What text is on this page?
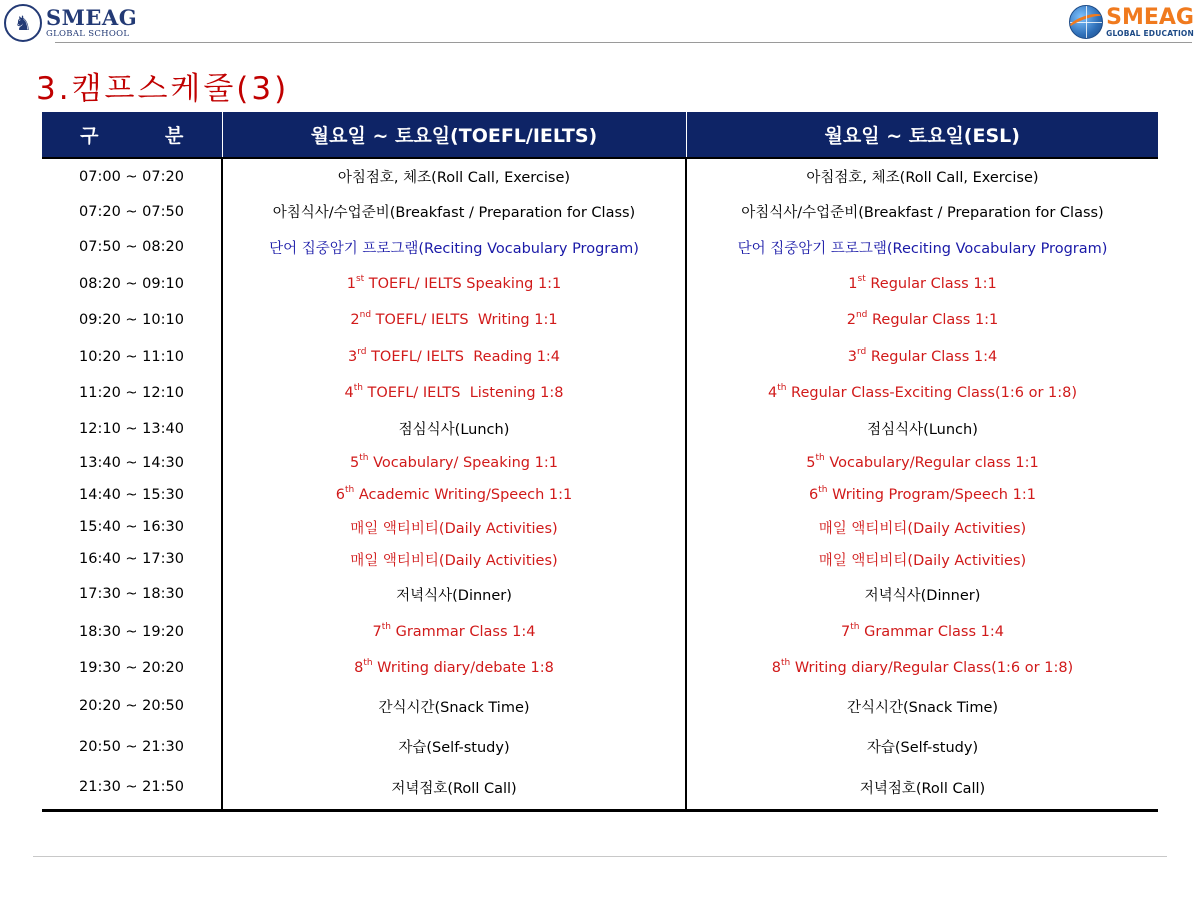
♞ SMEAG
GLOBAL SCHOOL
SMEAG
GLOBAL EDUCATION
3.캠프스케줄(3)
구 분	월요일 ~ 토요일(TOEFL/IELTS)	월요일 ~ 토요일(ESL)
07:00 ~ 07:20	아침점호, 체조(Roll Call, Exercise)	아침점호, 체조(Roll Call, Exercise)
07:20 ~ 07:50	아침식사/수업준비(Breakfast / Preparation for Class)	아침식사/수업준비(Breakfast / Preparation for Class)
07:50 ~ 08:20	단어 집중암기 프로그램(Reciting Vocabulary Program)	단어 집중암기 프로그램(Reciting Vocabulary Program)
08:20 ~ 09:10	1st TOEFL/ IELTS Speaking 1:1	1st Regular Class 1:1
09:20 ~ 10:10	2nd TOEFL/ IELTS  Writing 1:1	2nd Regular Class 1:1
10:20 ~ 11:10	3rd TOEFL/ IELTS  Reading 1:4	3rd Regular Class 1:4
11:20 ~ 12:10	4th TOEFL/ IELTS  Listening 1:8	4th Regular Class-Exciting Class(1:6 or 1:8)
12:10 ~ 13:40	점심식사(Lunch)	점심식사(Lunch)
13:40 ~ 14:30	5th Vocabulary/ Speaking 1:1	5th Vocabulary/Regular class 1:1
14:40 ~ 15:30	6th Academic Writing/Speech 1:1	6th Writing Program/Speech 1:1
15:40 ~ 16:30	매일 액티비티(Daily Activities)	매일 액티비티(Daily Activities)
16:40 ~ 17:30	매일 액티비티(Daily Activities)	매일 액티비티(Daily Activities)
17:30 ~ 18:30	저녁식사(Dinner)	저녁식사(Dinner)
18:30 ~ 19:20	7th Grammar Class 1:4	7th Grammar Class 1:4
19:30 ~ 20:20	8th Writing diary/debate 1:8	8th Writing diary/Regular Class(1:6 or 1:8)
20:20 ~ 20:50	간식시간(Snack Time)	간식시간(Snack Time)
20:50 ~ 21:30	자습(Self-study)	자습(Self-study)
21:30 ~ 21:50	저녁점호(Roll Call)	저녁점호(Roll Call)
